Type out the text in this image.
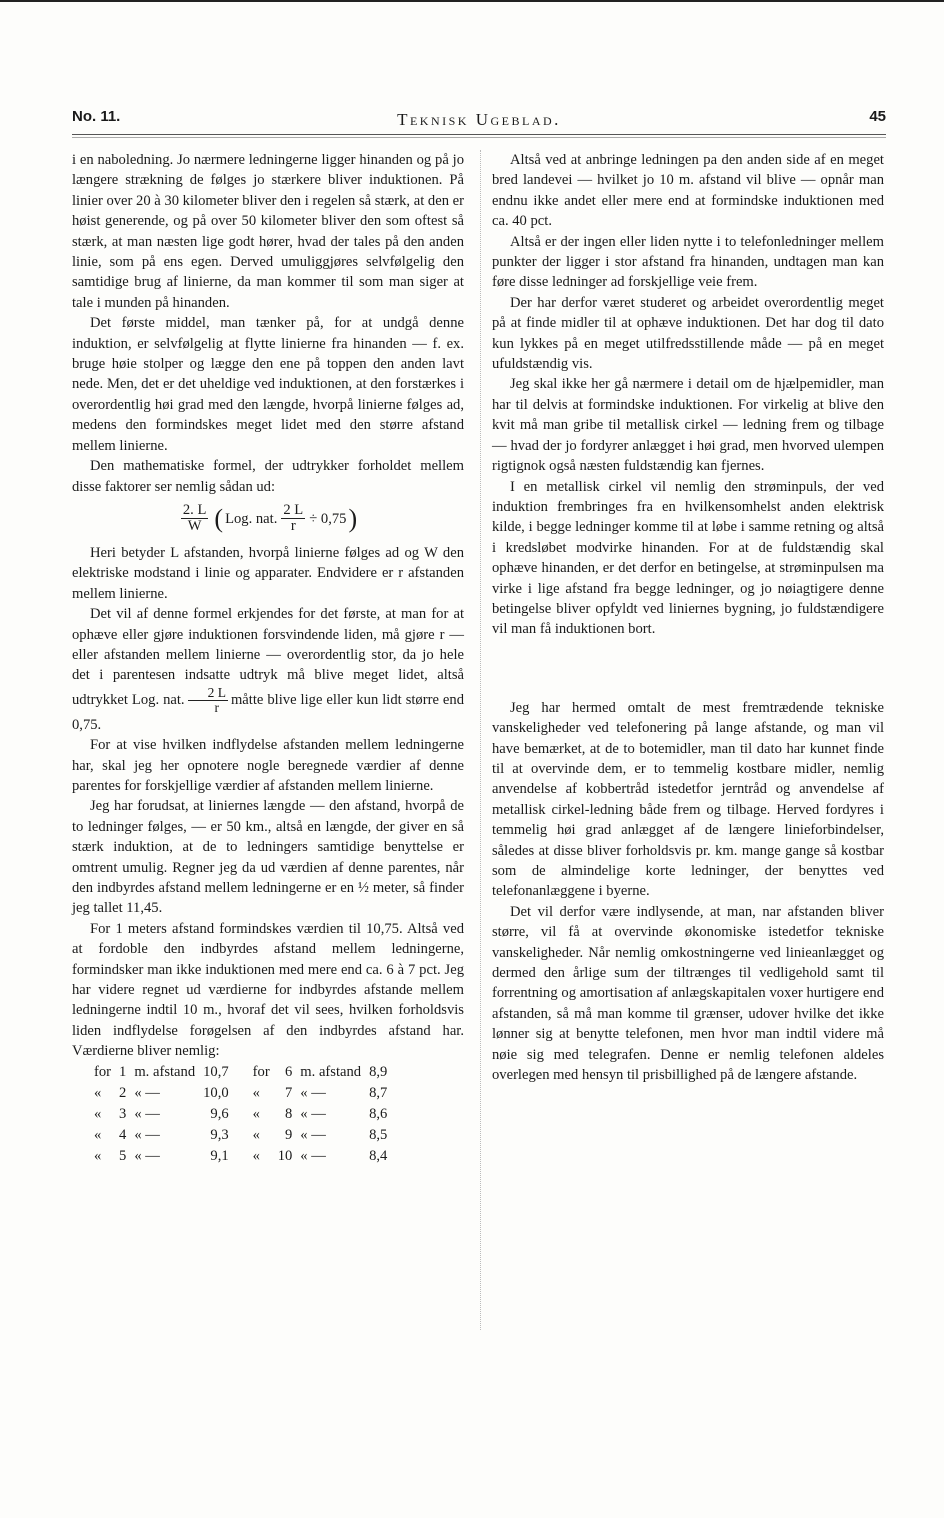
No. 11.	Teknisk Ugeblad.	45

i en naboledning. Jo nærmere ledningerne ligger hinanden og på jo længere strækning de følges jo stærkere bliver induktionen. På linier over 20 à 30 kilometer bliver den i regelen så stærk, at den er høist generende, og på over 50 kilometer bliver den som oftest så stærk, at man næsten lige godt hører, hvad der tales på den anden linie, som på ens egen. Derved umuliggjøres selvfølgelig den samtidige brug af linierne, da man kommer til som man siger at tale i munden på hinanden.

Det første middel, man tænker på, for at undgå denne induktion, er selvfølgelig at flytte linierne fra hinanden — f. ex. bruge høie stolper og lægge den ene på toppen den anden lavt nede. Men, det er det uheldige ved induktionen, at den forstærkes i overordentlig høi grad med den længde, hvorpå linierne følges ad, medens den formindskes meget lidet med den større afstand mellem linierne.

Den mathematiske formel, der udtrykker forholdet mellem disse faktorer ser nemlig sådan ud:

$\frac{2. L}{W}$ ( Log. nat. $\frac{2 L}{r} \div 0,75$ )

Heri betyder L afstanden, hvorpå linierne følges ad og W den elektriske modstand i linie og apparater. Endvidere er r afstanden mellem linierne.

Det vil af denne formel erkjendes for det første, at man for at ophæve eller gjøre induktionen forsvindende liden, må gjøre r — eller afstanden mellem linierne — overordentlig stor, da jo hele det i parentesen indsatte udtryk må blive meget lidet, altså udtrykket Log. nat. $\frac{2 L}{r}$ måtte blive lige eller kun lidt større end 0,75.

For at vise hvilken indflydelse afstanden mellem ledningerne har, skal jeg her opnotere nogle beregnede værdier af denne parentes for forskjellige værdier af afstanden mellem linierne.

Jeg har forudsat, at liniernes længde — den afstand, hvorpå de to ledninger følges, — er 50 km., altså en længde, der giver en så stærk induktion, at de to ledningers samtidige benyttelse er omtrent umulig. Regner jeg da ud værdien af denne parentes, når den indbyrdes afstand mellem ledningerne er en ½ meter, så finder jeg tallet 11,45.

For 1 meters afstand formindskes værdien til 10,75. Altså ved at fordoble den indbyrdes afstand mellem ledningerne, formindsker man ikke induktionen med mere end ca. 6 à 7 pct. Jeg har videre regnet ud værdierne for indbyrdes afstande mellem ledningerne indtil 10 m., hvoraf det vil sees, hvilken forholdsvis liden indflydelse forøgelsen af den indbyrdes afstand har. Værdierne bliver nemlig:

for	1	m. afstand	10,7	for	6	m. afstand	8,9
«	2	« —	10,0	«	7	« —	8,7
«	3	« —	9,6	«	8	« —	8,6
«	4	« —	9,3	«	9	« —	8,5
«	5	« —	9,1	«	10	« —	8,4

Altså ved at anbringe ledningen pa den anden side af en meget bred landevei — hvilket jo 10 m. afstand vil blive — opnår man endnu ikke andet eller mere end at formindske induktionen med ca. 40 pct.

Altså er der ingen eller liden nytte i to telefonledninger mellem punkter der ligger i stor afstand fra hinanden, undtagen man kan føre disse ledninger ad forskjellige veie frem.

Der har derfor været studeret og arbeidet overordentlig meget på at finde midler til at ophæve induktionen. Det har dog til dato kun lykkes på en meget utilfredsstillende måde — på en meget ufuldstændig vis.

Jeg skal ikke her gå nærmere i detail om de hjælpemidler, man har til delvis at formindske induktionen. For virkelig at blive den kvit må man gribe til metallisk cirkel — ledning frem og tilbage — hvad der jo fordyrer anlægget i høi grad, men hvorved ulempen rigtignok også næsten fuldstændig kan fjernes.

I en metallisk cirkel vil nemlig den strøminpuls, der ved induktion frembringes fra en hvilkensomhelst anden elektrisk kilde, i begge ledninger komme til at løbe i samme retning og altså i kredsløbet modvirke hinanden. For at de fuldstændig skal ophæve hinanden, er det derfor en betingelse, at strøminpulsen ma virke i lige afstand fra begge ledninger, og jo nøiagtigere denne betingelse bliver opfyldt ved liniernes bygning, jo fuldstændigere vil man få induktionen bort.

Jeg har hermed omtalt de mest fremtrædende tekniske vanskeligheder ved telefonering på lange afstande, og man vil have bemærket, at de to botemidler, man til dato har kunnet finde til at overvinde dem, er to temmelig kostbare midler, nemlig anvendelse af kobbertråd istedetfor jerntråd og anvendelse af metallisk cirkel-ledning både frem og tilbage. Herved fordyres i temmelig høi grad anlægget af de længere linieforbindelser, således at disse bliver forholdsvis pr. km. mange gange så kostbar som de almindelige korte ledninger, der benyttes ved telefonanlæggene i byerne.

Det vil derfor være indlysende, at man, nar afstanden bliver større, vil få at overvinde økonomiske istedetfor tekniske vanskeligheder. Når nemlig omkostningerne ved linieanlægget og dermed den årlige sum der tiltrænges til vedligehold samt til forrentning og amortisation af anlægskapitalen voxer hurtigere end afstanden, så må man komme til grænser, udover hvilke det ikke lønner sig at benytte telefonen, men hvor man indtil videre må nøie sig med telegrafen. Denne er nemlig telefonen aldeles overlegen med hensyn til prisbillighed på de længere afstande.
